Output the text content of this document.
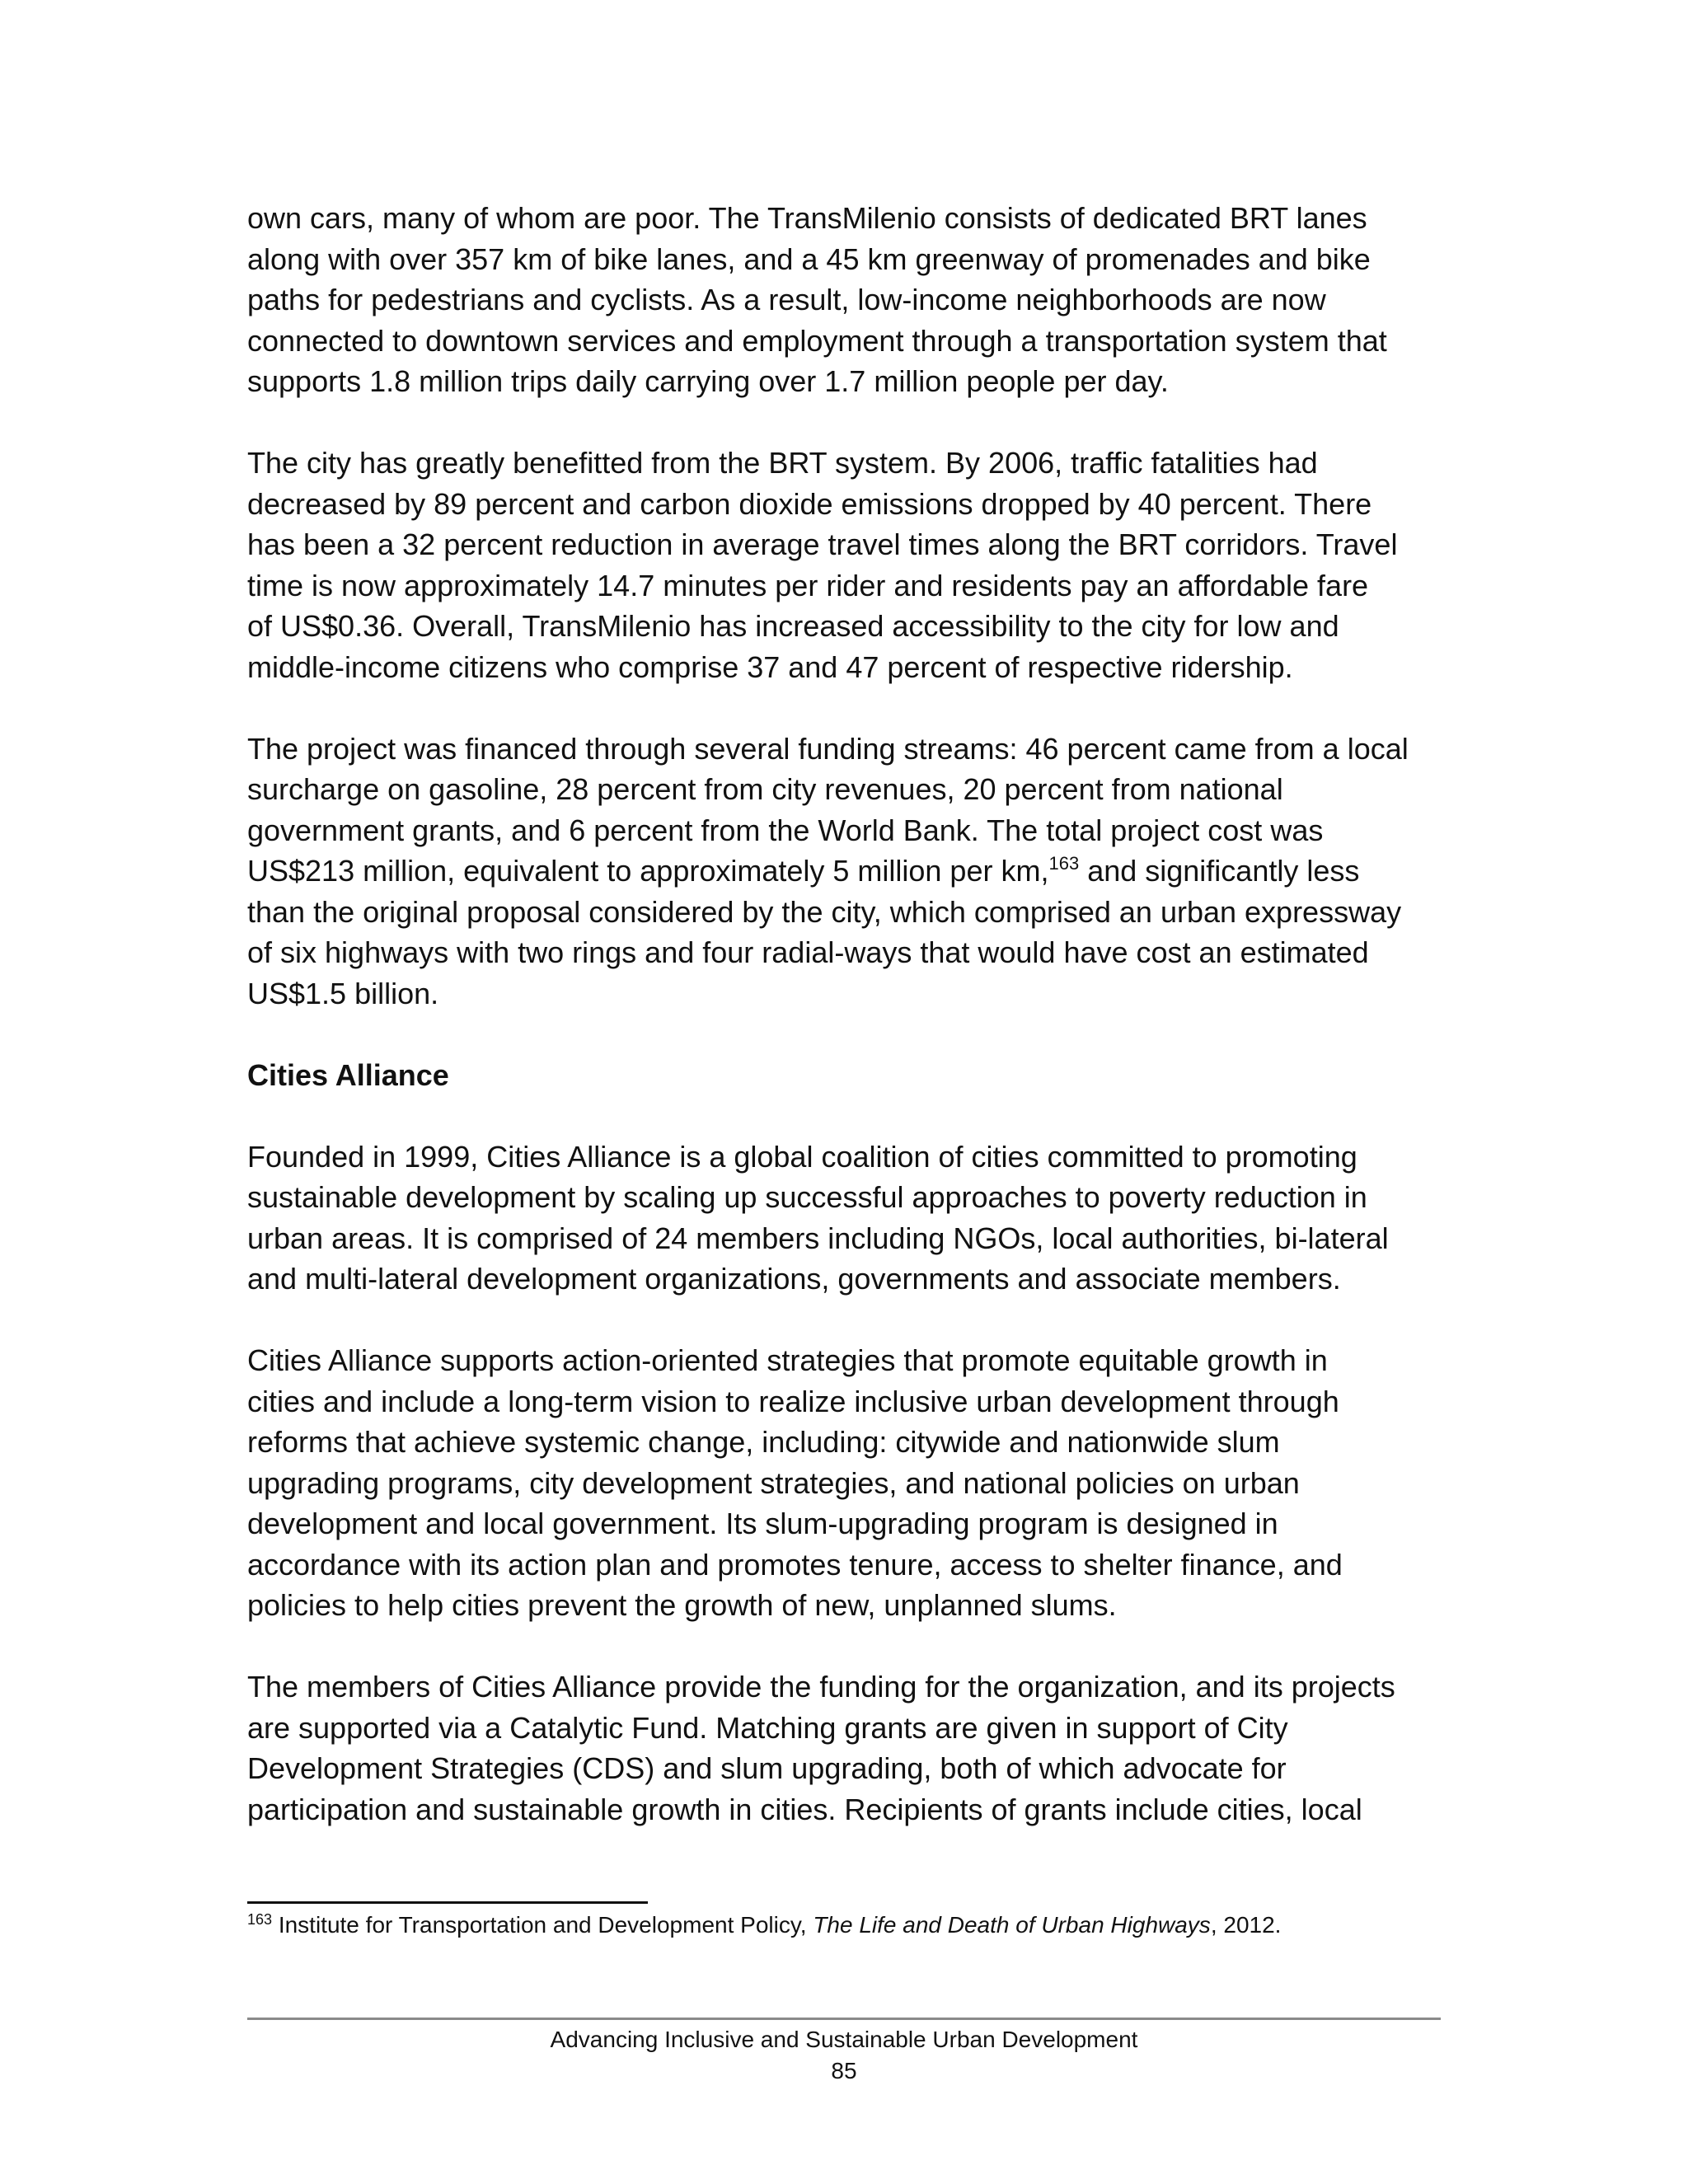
own cars, many of whom are poor. The TransMilenio consists of dedicated BRT lanes
along with over 357 km of bike lanes, and a 45 km greenway of promenades and bike
paths for pedestrians and cyclists. As a result, low-income neighborhoods are now
connected to downtown services and employment through a transportation system that
supports 1.8 million trips daily carrying over 1.7 million people per day.

The city has greatly benefitted from the BRT system. By 2006, traffic fatalities had
decreased by 89 percent and carbon dioxide emissions dropped by 40 percent. There
has been a 32 percent reduction in average travel times along the BRT corridors. Travel
time is now approximately 14.7 minutes per rider and residents pay an affordable fare
of US$0.36. Overall, TransMilenio has increased accessibility to the city for low and
middle-income citizens who comprise 37 and 47 percent of respective ridership.

The project was financed through several funding streams: 46 percent came from a local
surcharge on gasoline, 28 percent from city revenues, 20 percent from national
government grants, and 6 percent from the World Bank. The total project cost was
US$213 million, equivalent to approximately 5 million per km,$^{163}$ and significantly less
than the original proposal considered by the city, which comprised an urban expressway
of six highways with two rings and four radial-ways that would have cost an estimated
US$1.5 billion.

Cities Alliance

Founded in 1999, Cities Alliance is a global coalition of cities committed to promoting
sustainable development by scaling up successful approaches to poverty reduction in
urban areas. It is comprised of 24 members including NGOs, local authorities, bi-lateral
and multi-lateral development organizations, governments and associate members.

Cities Alliance supports action-oriented strategies that promote equitable growth in
cities and include a long-term vision to realize inclusive urban development through
reforms that achieve systemic change, including: citywide and nationwide slum
upgrading programs, city development strategies, and national policies on urban
development and local government. Its slum-upgrading program is designed in
accordance with its action plan and promotes tenure, access to shelter finance, and
policies to help cities prevent the growth of new, unplanned slums.

The members of Cities Alliance provide the funding for the organization, and its projects
are supported via a Catalytic Fund. Matching grants are given in support of City
Development Strategies (CDS) and slum upgrading, both of which advocate for
participation and sustainable growth in cities. Recipients of grants include cities, local

$^{163}$ Institute for Transportation and Development Policy, The Life and Death of Urban Highways, 2012.
Advancing Inclusive and Sustainable Urban Development
85
